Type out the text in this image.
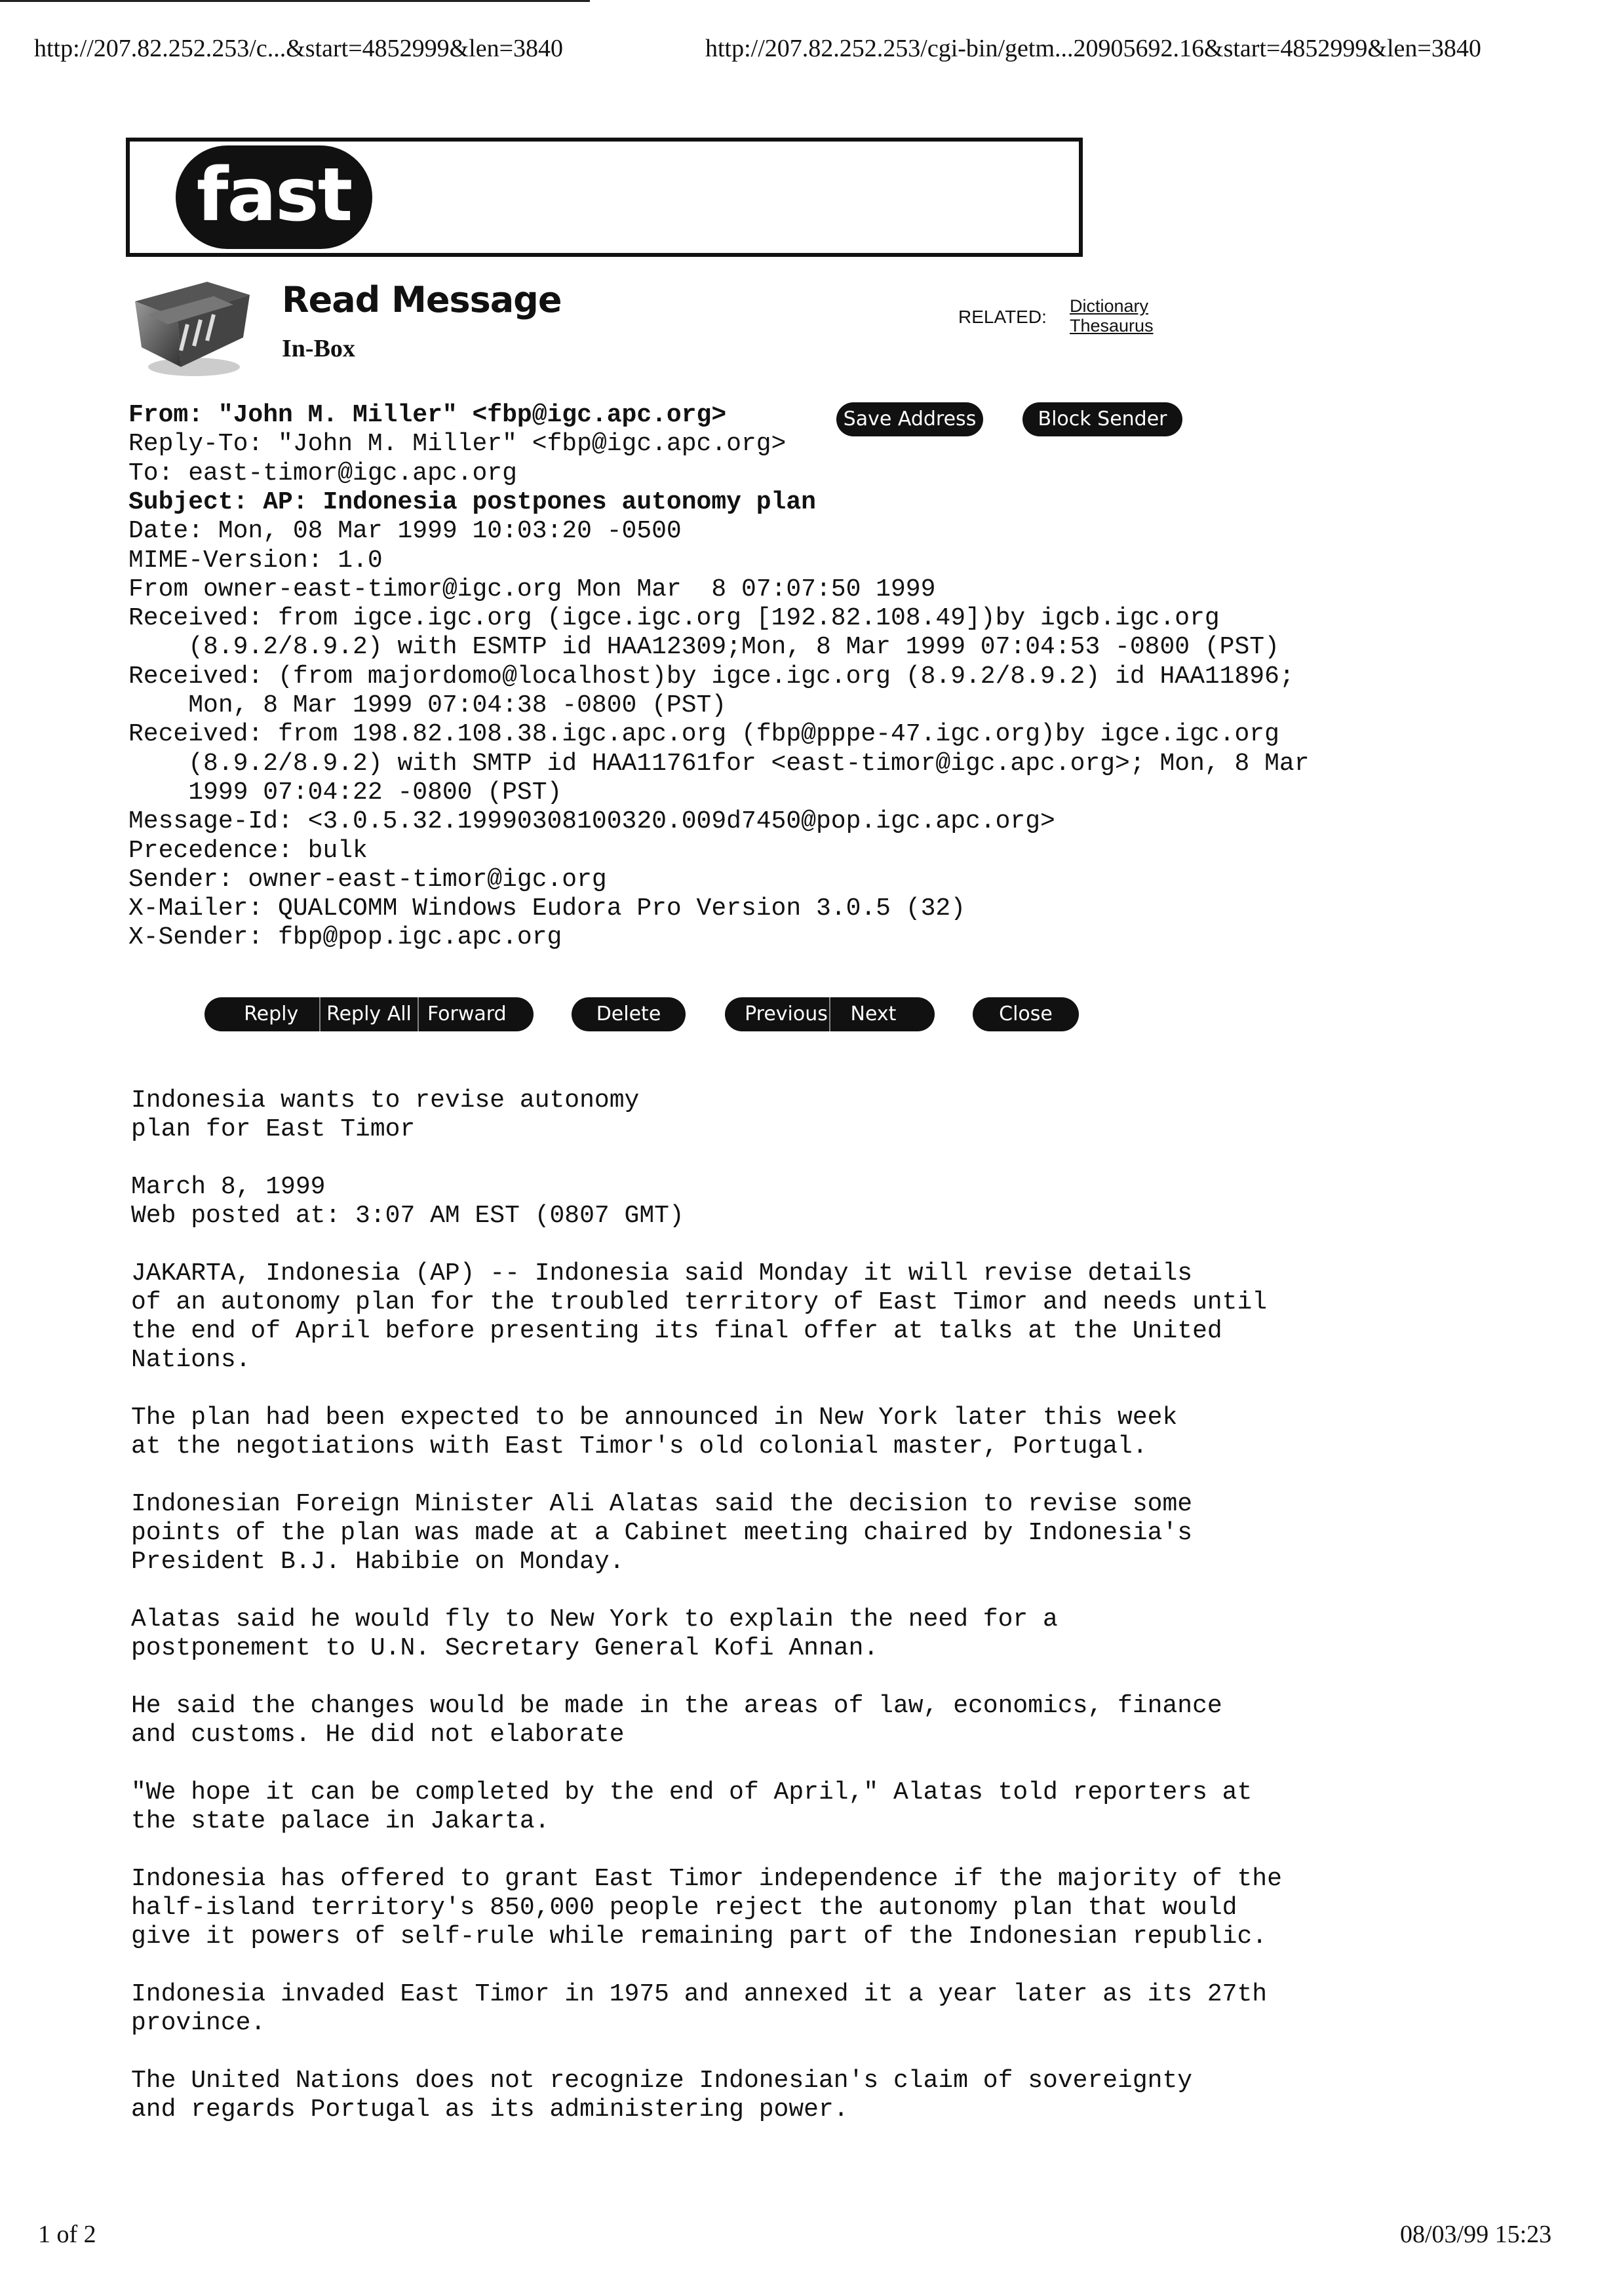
http://207.82.252.253/c...&start=4852999&len=3840	http://207.82.252.253/cgi-bin/getm...20905692.16&start=4852999&len=3840
fast
Read Message
In-Box
RELATED:
Dictionary
Thesaurus
From: "John M. Miller" <fbp@igc.apc.org>
Reply-To: "John M. Miller" <fbp@igc.apc.org>
To: east-timor@igc.apc.org
Subject: AP: Indonesia postpones autonomy plan
Date: Mon, 08 Mar 1999 10:03:20 -0500
MIME-Version: 1.0
From owner-east-timor@igc.org Mon Mar  8 07:07:50 1999
Received: from igce.igc.org (igce.igc.org [192.82.108.49])by igcb.igc.org
(8.9.2/8.9.2) with ESMTP id HAA12309;Mon, 8 Mar 1999 07:04:53 -0800 (PST)
Received: (from majordomo@localhost)by igce.igc.org (8.9.2/8.9.2) id HAA11896;
Mon, 8 Mar 1999 07:04:38 -0800 (PST)
Received: from 198.82.108.38.igc.apc.org (fbp@pppe-47.igc.org)by igce.igc.org
(8.9.2/8.9.2) with SMTP id HAA11761for <east-timor@igc.apc.org>; Mon, 8 Mar
1999 07:04:22 -0800 (PST)
Message-Id: <3.0.5.32.19990308100320.009d7450@pop.igc.apc.org>
Precedence: bulk
Sender: owner-east-timor@igc.org
X-Mailer: QUALCOMM Windows Eudora Pro Version 3.0.5 (32)
X-Sender: fbp@pop.igc.apc.org
Save Address	Block Sender
Reply	Reply All Forward	Delete	Previous	Next	Close
Indonesia wants to revise autonomy
plan for East Timor
March 8, 1999
Web posted at: 3:07 AM EST (0807 GMT)
JAKARTA, Indonesia (AP) -- Indonesia said Monday it will revise details
of an autonomy plan for the troubled territory of East Timor and needs until
the end of April before presenting its final offer at talks at the United
Nations.
The plan had been expected to be announced in New York later this week
at the negotiations with East Timor's old colonial master, Portugal.
Indonesian Foreign Minister Ali Alatas said the decision to revise some
points of the plan was made at a Cabinet meeting chaired by Indonesia's
President B.J. Habibie on Monday.
Alatas said he would fly to New York to explain the need for a
postponement to U.N. Secretary General Kofi Annan.
He said the changes would be made in the areas of law, economics, finance
and customs. He did not elaborate
"We hope it can be completed by the end of April," Alatas told reporters at
the state palace in Jakarta.
Indonesia has offered to grant East Timor independence if the majority of the
half-island territory's 850,000 people reject the autonomy plan that would
give it powers of self-rule while remaining part of the Indonesian republic.
Indonesia invaded East Timor in 1975 and annexed it a year later as its 27th
province.
The United Nations does not recognize Indonesian's claim of sovereignty
and regards Portugal as its administering power.
1 of 2	08/03/99 15:23
